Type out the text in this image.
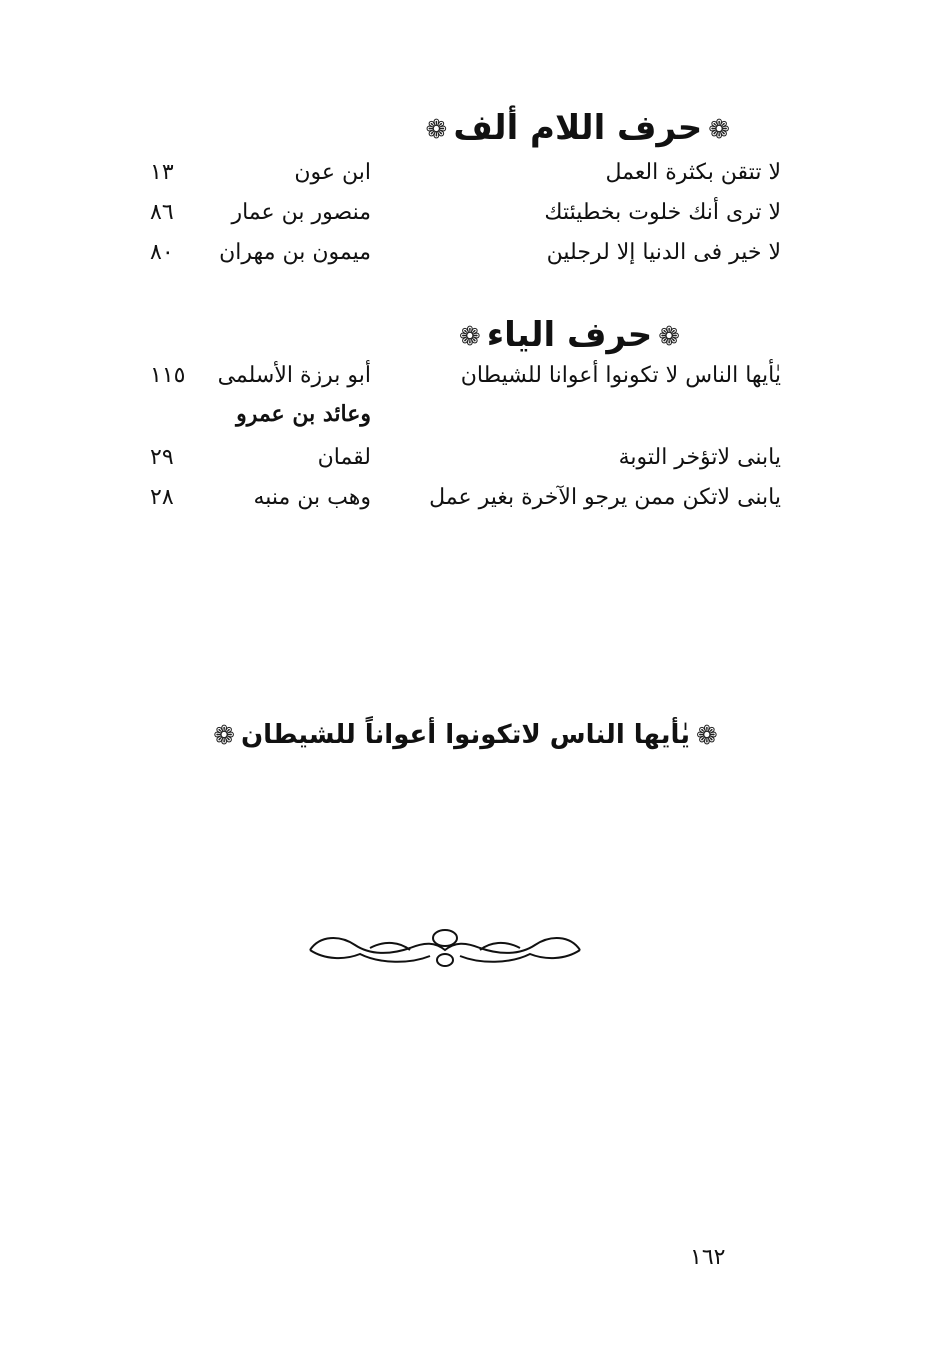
❁حرف اللام ألف❁
لا تتقن بكثرة العمل
ابن عون
١٣
لا ترى أنك خلوت بخطيئتك
منصور بن عمار
٨٦
لا خير فى الدنيا إلا لرجلين
ميمون بن مهران
٨٠
❁حرف الياء❁
يٰأيها الناس لا تكونوا أعوانا للشيطان
أبو برزة الأسلمى
وعائد بن عمرو
١١٥
يابنى لاتؤخر التوبة
لقمان
٢٩
يابنى لاتكن ممن يرجو الآخرة بغير عمل
وهب بن منبه
٢٨
❁يٰأيها الناس لاتكونوا أعواناً للشيطان❁
١٦٢
